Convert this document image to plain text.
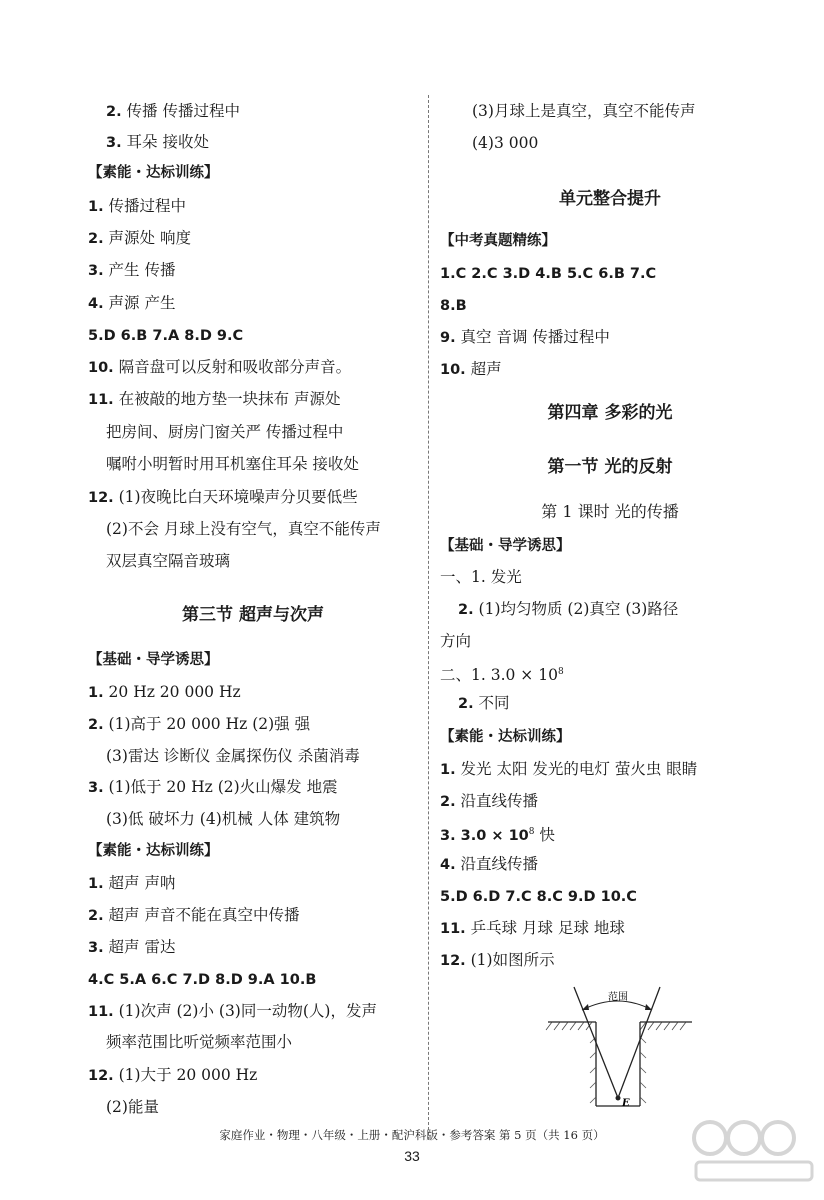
2. 传播 传播过程中
3. 耳朵 接收处
【素能・达标训练】
1. 传播过程中
2. 声源处 响度
3. 产生 传播
4. 声源 产生
5.D 6.B 7.A 8.D 9.C
10. 隔音盘可以反射和吸收部分声音。
11. 在被敲的地方垫一块抹布 声源处
把房间、厨房门窗关严 传播过程中
嘱咐小明暂时用耳机塞住耳朵 接收处
12. (1)夜晚比白天环境噪声分贝要低些
(2)不会 月球上没有空气，真空不能传声
双层真空隔音玻璃
第三节 超声与次声
【基础・导学诱思】
1. 20 Hz 20 000 Hz
2. (1)高于 20 000 Hz (2)强 强
(3)雷达 诊断仪 金属探伤仪 杀菌消毒
3. (1)低于 20 Hz (2)火山爆发 地震
(3)低 破坏力 (4)机械 人体 建筑物
【素能・达标训练】
1. 超声 声呐
2. 超声 声音不能在真空中传播
3. 超声 雷达
4.C 5.A 6.C 7.D 8.D 9.A 10.B
11. (1)次声 (2)小 (3)同一动物(人)，发声
频率范围比听觉频率范围小
12. (1)大于 20 000 Hz
(2)能量
(3)月球上是真空，真空不能传声
(4)3 000
单元整合提升
【中考真题精练】
1.C 2.C 3.D 4.B 5.C 6.B 7.C
8.B
9. 真空 音调 传播过程中
10. 超声
第四章 多彩的光
第一节 光的反射
第 1 课时 光的传播
【基础・导学诱思】
一、1. 发光
2. (1)均匀物质 (2)真空 (3)路径
方向
二、1. $3.0 \times 10^8$
2. 不同
【素能・达标训练】
1. 发光 太阳 发光的电灯 萤火虫 眼睛
2. 沿直线传播
3. $3.0 \times 10^8$ 快
4. 沿直线传播
5.D 6.D 7.C 8.C 9.D 10.C
11. 乒乓球 月球 足球 地球
12. (1)如图所示
范围
E
家庭作业・物理・八年级・上册・配沪科版・参考答案 第 5 页（共 16 页）
33
